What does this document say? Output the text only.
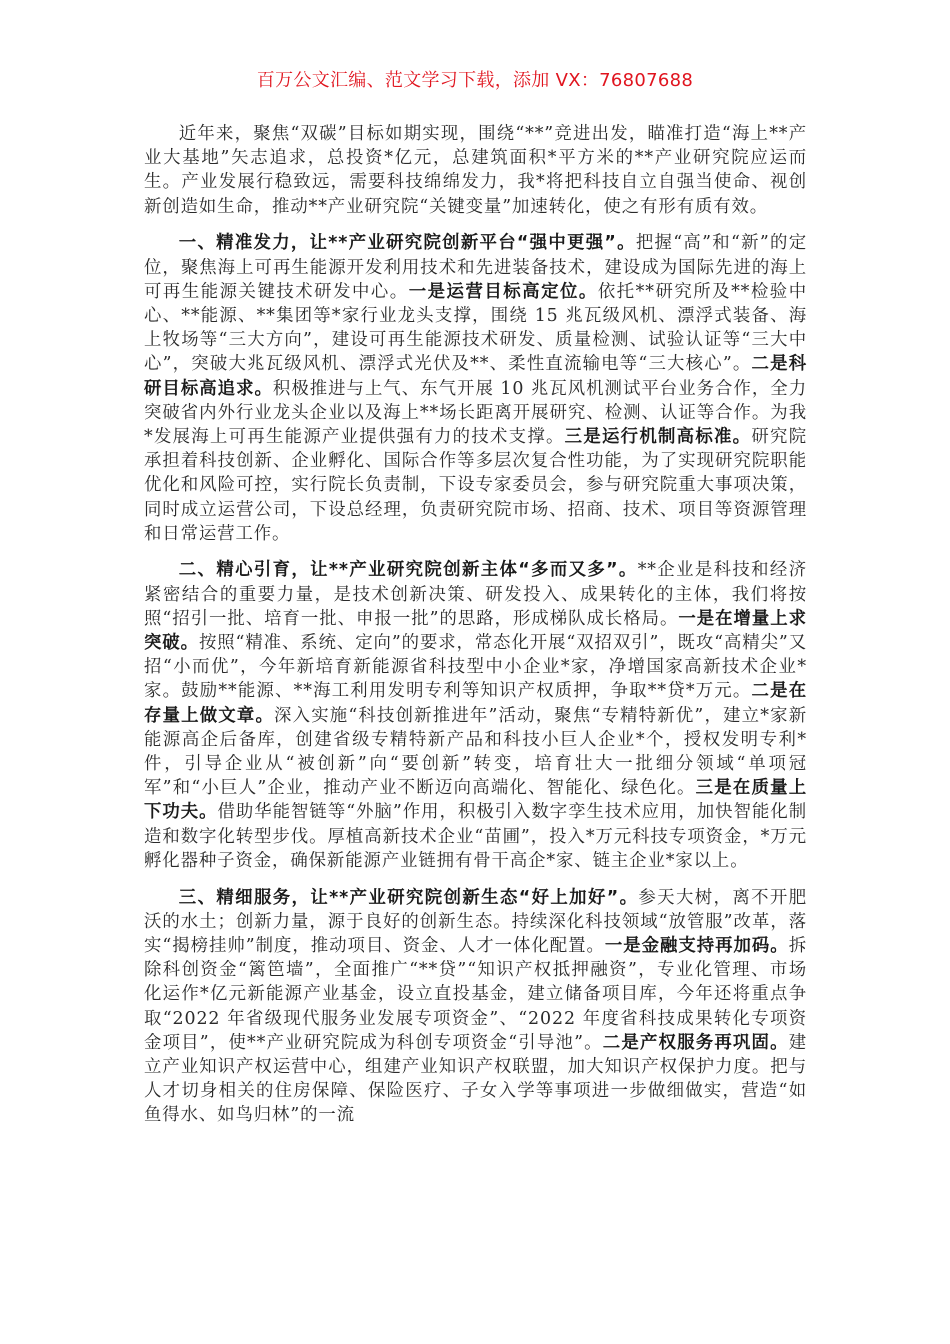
百万公文汇编、范文学习下载，添加 VX：76807688

近年来，聚焦“双碳”目标如期实现，围绕“**”竞进出发，瞄准打造“海上**产业大基地”矢志追求，总投资*亿元，总建筑面积*平方米的**产业研究院应运而生。产业发展行稳致远，需要科技绵绵发力，我*将把科技自立自强当使命、视创新创造如生命，推动**产业研究院“关键变量”加速转化，使之有形有质有效。

一、精准发力，让**产业研究院创新平台“强中更强”。把握“高”和“新”的定位，聚焦海上可再生能源开发利用技术和先进装备技术，建设成为国际先进的海上可再生能源关键技术研发中心。一是运营目标高定位。依托**研究所及**检验中心、**能源、**集团等*家行业龙头支撑，围绕 15 兆瓦级风机、漂浮式装备、海上牧场等“三大方向”，建设可再生能源技术研发、质量检测、试验认证等“三大中心”，突破大兆瓦级风机、漂浮式光伏及**、柔性直流输电等“三大核心”。二是科研目标高追求。积极推进与上气、东气开展 10 兆瓦风机测试平台业务合作，全力突破省内外行业龙头企业以及海上**场长距离开展研究、检测、认证等合作。为我*发展海上可再生能源产业提供强有力的技术支撑。三是运行机制高标准。研究院承担着科技创新、企业孵化、国际合作等多层次复合性功能，为了实现研究院职能优化和风险可控，实行院长负责制，下设专家委员会，参与研究院重大事项决策，同时成立运营公司，下设总经理，负责研究院市场、招商、技术、项目等资源管理和日常运营工作。

二、精心引育，让**产业研究院创新主体“多而又多”。**企业是科技和经济紧密结合的重要力量，是技术创新决策、研发投入、成果转化的主体，我们将按照“招引一批、培育一批、申报一批”的思路，形成梯队成长格局。一是在增量上求突破。按照“精准、系统、定向”的要求，常态化开展“双招双引”，既攻“高精尖”又招“小而优”，今年新培育新能源省科技型中小企业*家，净增国家高新技术企业*家。鼓励**能源、**海工利用发明专利等知识产权质押，争取**贷*万元。二是在存量上做文章。深入实施“科技创新推进年”活动，聚焦“专精特新优”，建立*家新能源高企后备库，创建省级专精特新产品和科技小巨人企业*个，授权发明专利*件，引导企业从“被创新”向“要创新”转变，培育壮大一批细分领域“单项冠军”和“小巨人”企业，推动产业不断迈向高端化、智能化、绿色化。三是在质量上下功夫。借助华能智链等“外脑”作用，积极引入数字孪生技术应用，加快智能化制造和数字化转型步伐。厚植高新技术企业“苗圃”，投入*万元科技专项资金，*万元孵化器种子资金，确保新能源产业链拥有骨干高企*家、链主企业*家以上。

三、精细服务，让**产业研究院创新生态“好上加好”。参天大树，离不开肥沃的水土；创新力量，源于良好的创新生态。持续深化科技领域“放管服”改革，落实“揭榜挂帅”制度，推动项目、资金、人才一体化配置。一是金融支持再加码。拆除科创资金“篱笆墙”，全面推广“**贷”“知识产权抵押融资”，专业化管理、市场化运作*亿元新能源产业基金，设立直投基金，建立储备项目库，今年还将重点争取“2022 年省级现代服务业发展专项资金”、“2022 年度省科技成果转化专项资金项目”，使**产业研究院成为科创专项资金“引导池”。二是产权服务再巩固。建立产业知识产权运营中心，组建产业知识产权联盟，加大知识产权保护力度。把与人才切身相关的住房保障、保险医疗、子女入学等事项进一步做细做实，营造“如鱼得水、如鸟归林”的一流
